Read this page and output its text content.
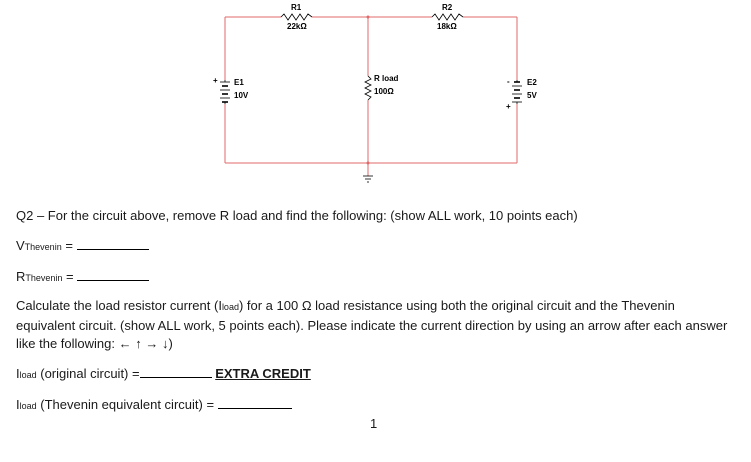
R1
22kΩ
R2
18kΩ
R load
100Ω
+ E1
10V
-
+
E2
5V
Q2 – For the circuit above, remove R load and find the following: (show ALL work, 10 points each)
VThevenin =
RThevenin =
Calculate the load resistor current (Iload) for a 100 Ω load resistance using both the original circuit and the Thevenin equivalent circuit. (show ALL work, 5 points each). Please indicate the current direction by using an arrow after each answer like the following: ← ↑ → ↓)
Iload (original circuit) =	EXTRA CREDIT
Iload (Thevenin equivalent circuit) =
1
